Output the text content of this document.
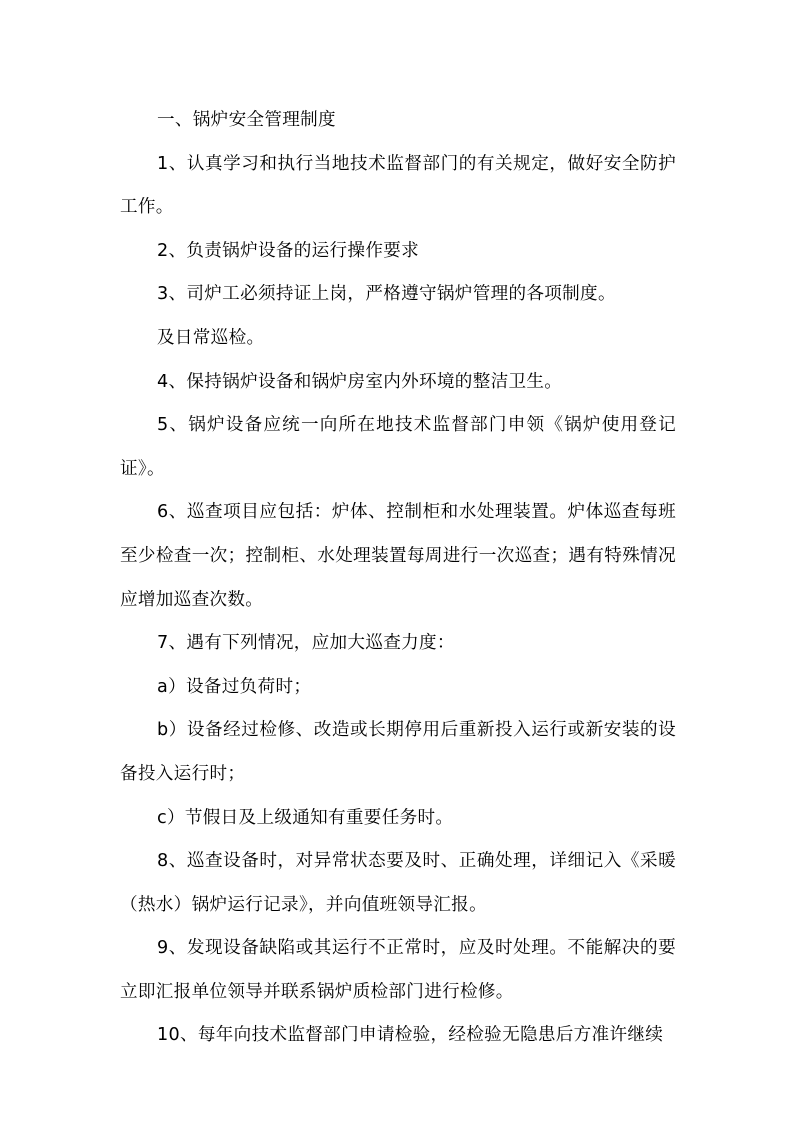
一、锅炉安全管理制度

1、认真学习和执行当地技术监督部门的有关规定，做好安全防护工作。

2、负责锅炉设备的运行操作要求

3、司炉工必须持证上岗，严格遵守锅炉管理的各项制度。

及日常巡检。

4、保持锅炉设备和锅炉房室内外环境的整洁卫生。

5、锅炉设备应统一向所在地技术监督部门申领《锅炉使用登记证》。

6、巡查项目应包括：炉体、控制柜和水处理装置。炉体巡查每班至少检查一次；控制柜、水处理装置每周进行一次巡查；遇有特殊情况应增加巡查次数。

7、遇有下列情况，应加大巡查力度：

a）设备过负荷时；

b）设备经过检修、改造或长期停用后重新投入运行或新安装的设备投入运行时；

c）节假日及上级通知有重要任务时。

8、巡查设备时，对异常状态要及时、正确处理，详细记入《采暖（热水）锅炉运行记录》，并向值班领导汇报。

9、发现设备缺陷或其运行不正常时，应及时处理。不能解决的要立即汇报单位领导并联系锅炉质检部门进行检修。

10、每年向技术监督部门申请检验，经检验无隐患后方准许继续
